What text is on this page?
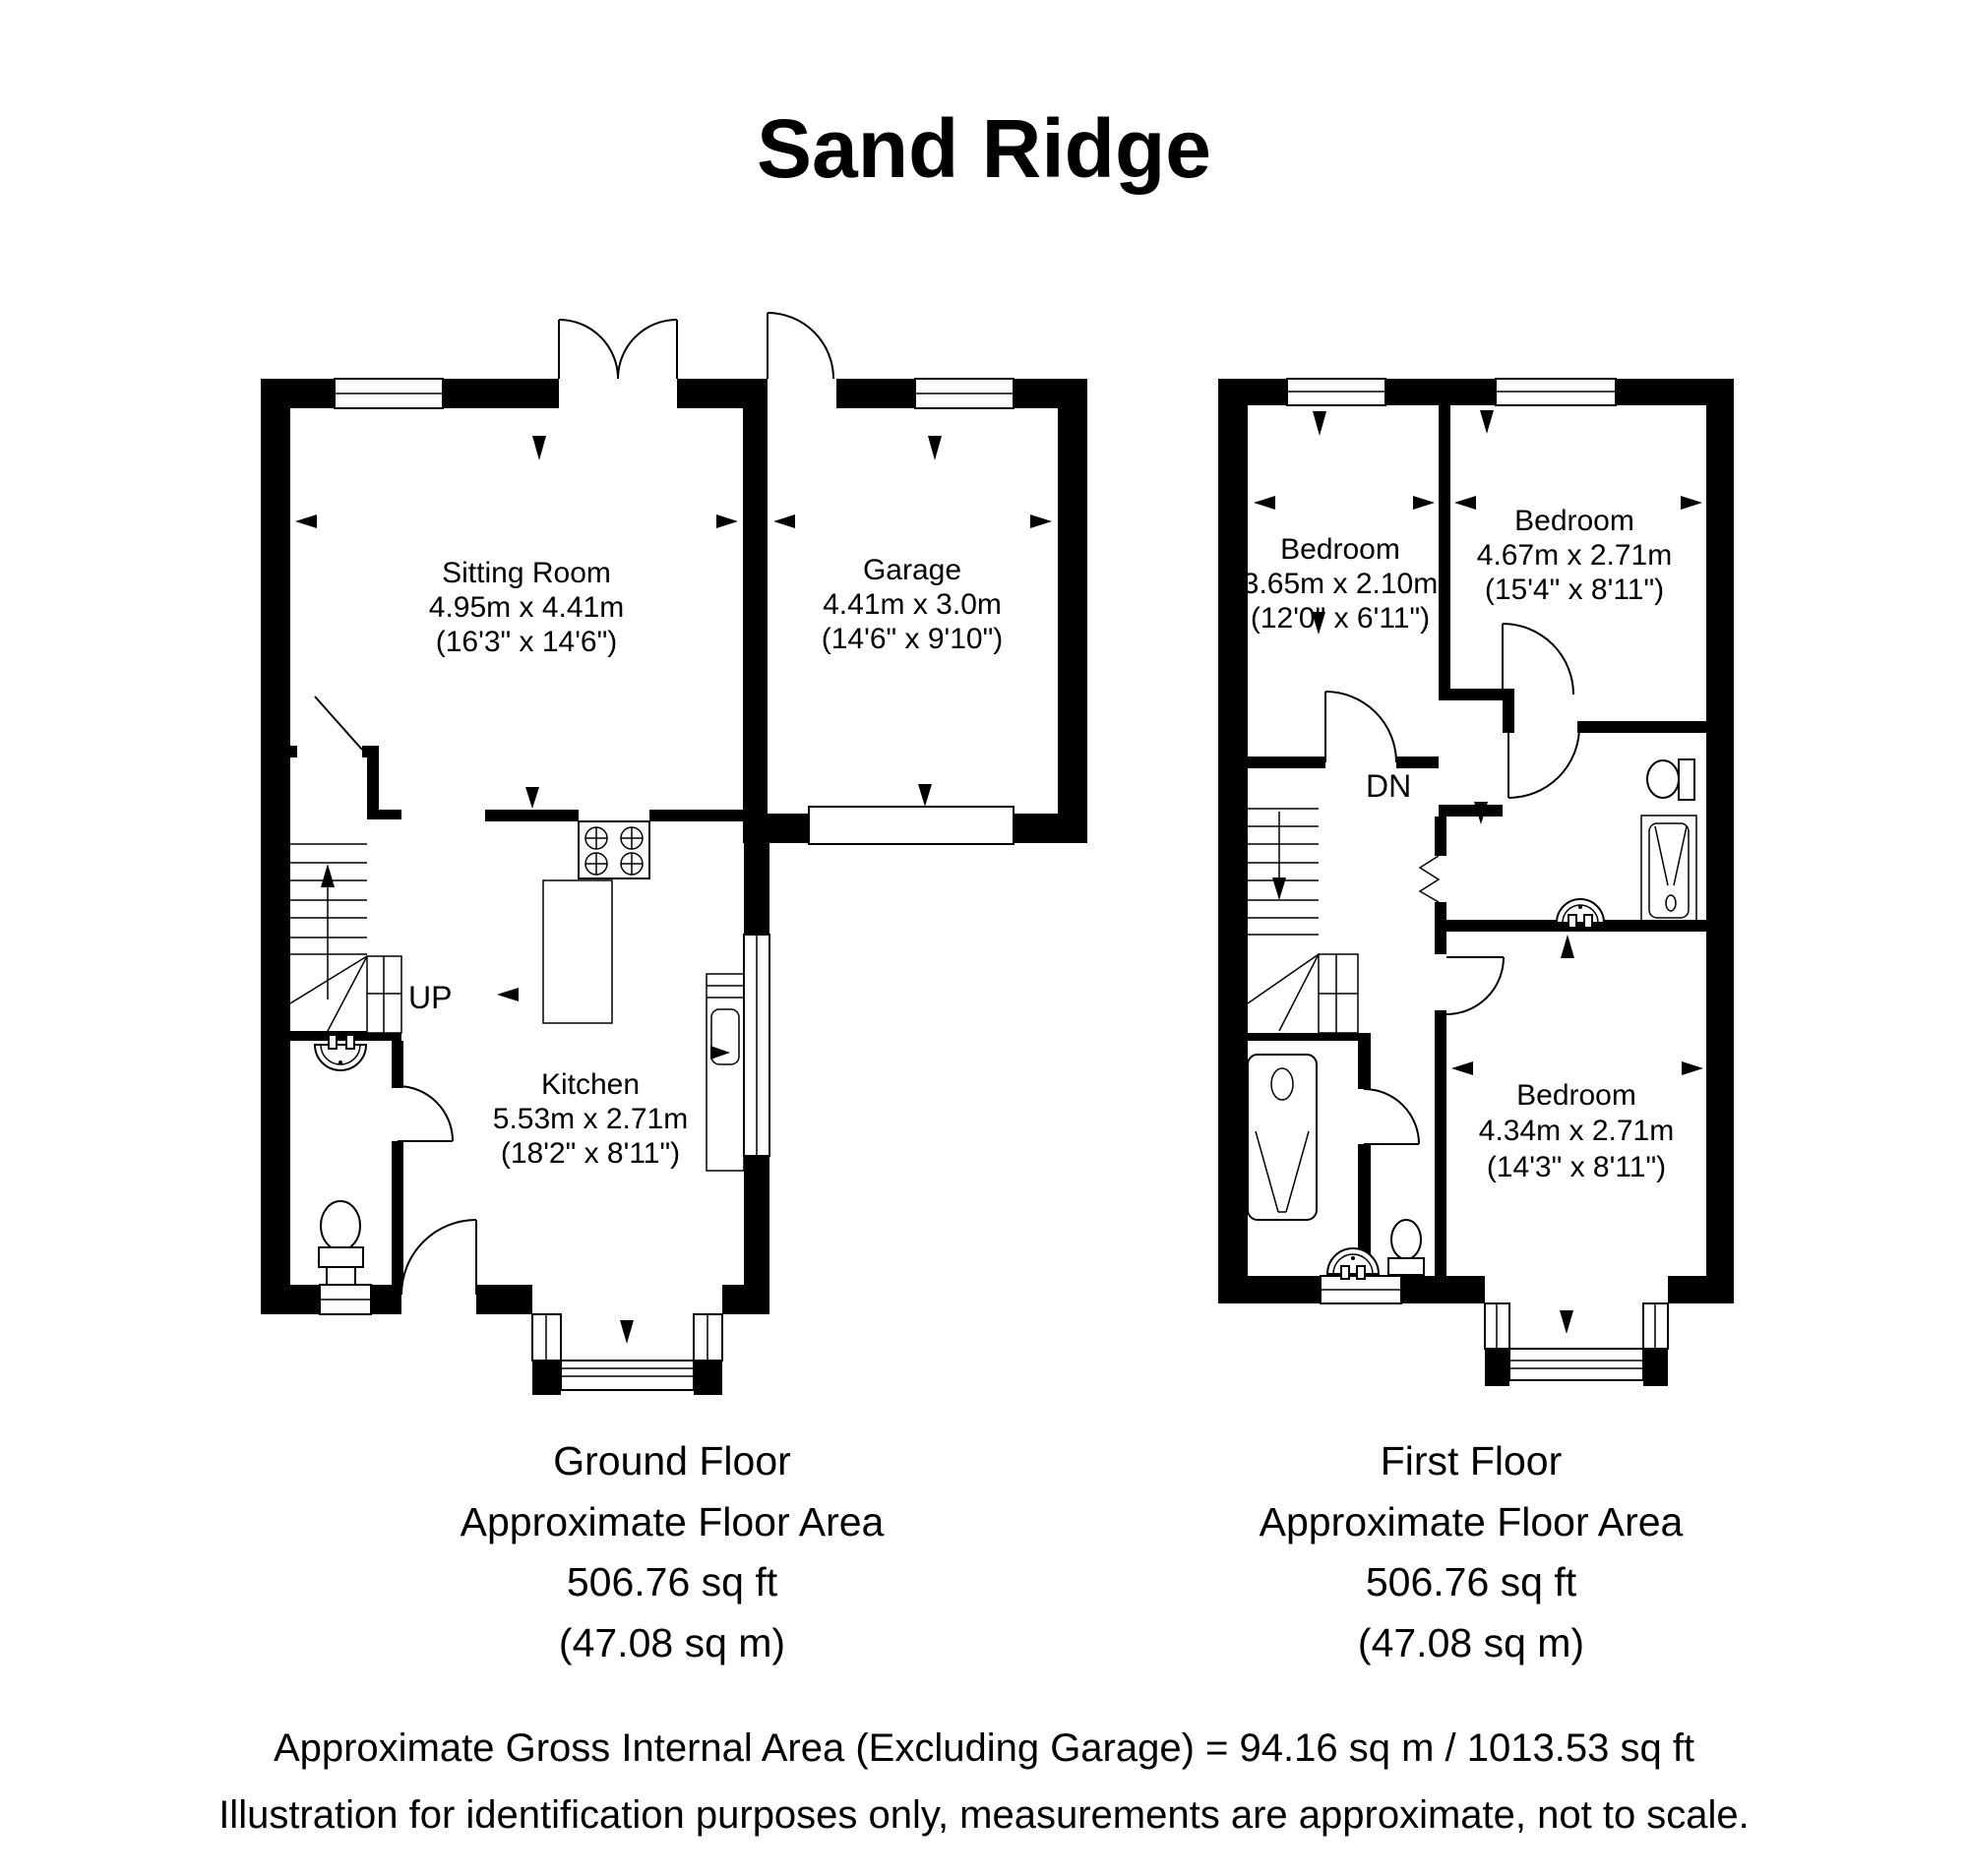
Sand Ridge
UP
Sitting Room
4.95m x 4.41m
(16'3" x 14'6")
Garage
4.41m x 3.0m
(14'6" x 9'10")
Kitchen
5.53m x 2.71m
(18'2" x 8'11")
DN
Bedroom
3.65m x 2.10m
(12'0" x 6'11")
Bedroom
4.67m x 2.71m
(15'4" x 8'11")
Bedroom
4.34m x 2.71m
(14'3" x 8'11")
Ground Floor
Approximate Floor Area
506.76 sq ft
(47.08 sq m)
First Floor
Approximate Floor Area
506.76 sq ft
(47.08 sq m)
Approximate Gross Internal Area (Excluding Garage) = 94.16 sq m / 1013.53 sq ft
Illustration for identification purposes only, measurements are approximate, not to scale.
